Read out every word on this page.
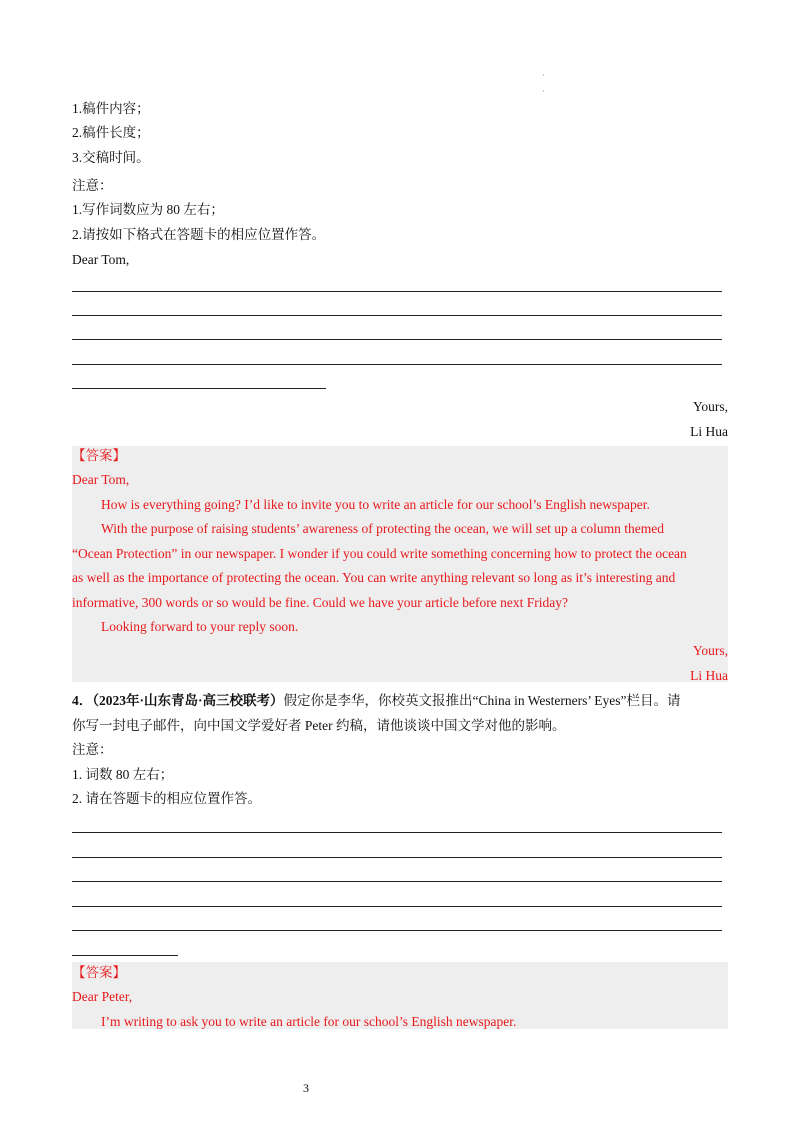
·
·
1.稿件内容；
2.稿件长度；
3.交稿时间。
注意：
1.写作词数应为 80 左右；
2.请按如下格式在答题卡的相应位置作答。
Dear Tom,
Yours,
Li Hua
【答案】
Dear Tom,
How is everything going? I’d like to invite you to write an article for our school’s English newspaper.
With the purpose of raising students’ awareness of protecting the ocean, we will set up a column themed
“Ocean Protection” in our newspaper. I wonder if you could write something concerning how to protect the ocean
as well as the importance of protecting the ocean. You can write anything relevant so long as it’s interesting and
informative, 300 words or so would be fine. Could we have your article before next Friday?
Looking forward to your reply soon.
Yours,
Li Hua
4．（2023年·山东青岛·高三校联考）假定你是李华，你校英文报推出“China in Westerners’ Eyes”栏目。请
你写一封电子邮件，向中国文学爱好者 Peter 约稿，请他谈谈中国文学对他的影响。
注意：
1. 词数 80 左右；
2. 请在答题卡的相应位置作答。
【答案】
Dear Peter,
I’m writing to ask you to write an article for our school’s English newspaper.
3
